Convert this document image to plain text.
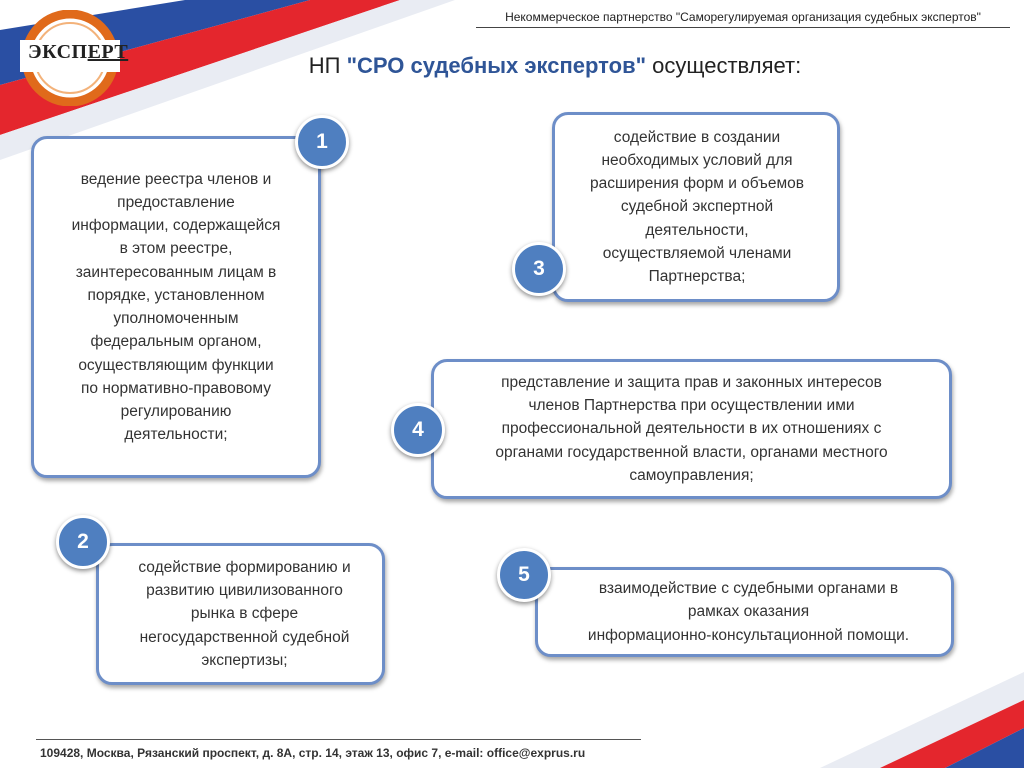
ЭКСПЕРТ
Некоммерческое партнерство "Саморегулируемая организация судебных экспертов"
НП "СРО судебных экспертов" осуществляет:
ведение реестра членов и
предоставление
информации, содержащейся
в этом реестре,
заинтересованным лицам в
порядке, установленном
уполномоченным
федеральным органом,
осуществляющим функции
по нормативно-правовому
регулированию
деятельности;
1	содействие в создании
необходимых условий для
расширения форм и объемов
судебной экспертной
деятельности,
осуществляемой членами
Партнерства;
3
представление и защита прав и законных интересов
членов Партнерства при осуществлении ими
профессиональной деятельности в их отношениях с
органами государственной власти, органами местного
самоуправления;
4
содействие формированию и
развитию цивилизованного
рынка в сфере
негосударственной судебной
экспертизы;
2
взаимодействие с судебными органами в
рамках оказания
информационно-консультационной помощи.
5
109428, Москва, Рязанский проспект, д. 8А, стр. 14, этаж 13, офис 7, e-mail: office@exprus.ru
